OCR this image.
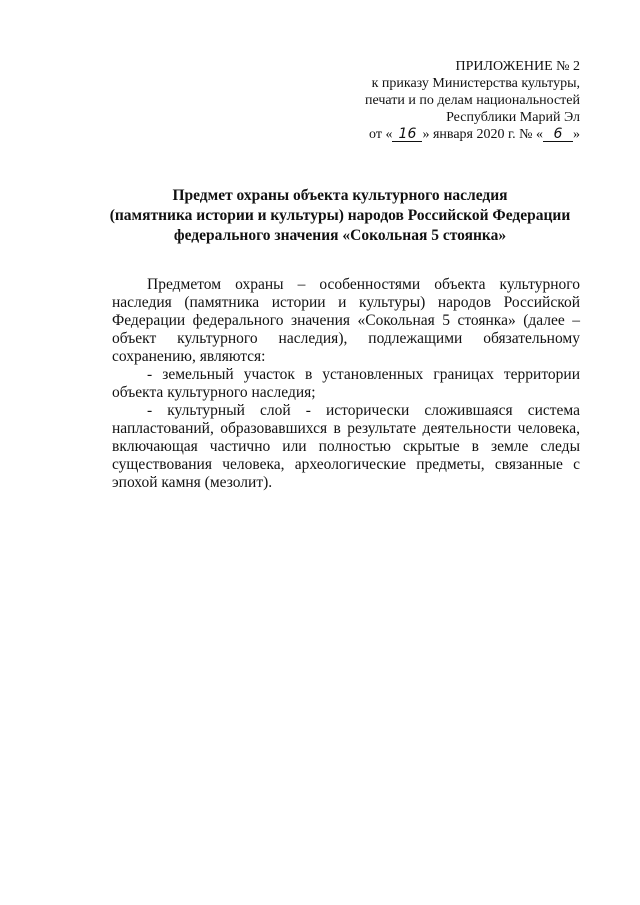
ПРИЛОЖЕНИЕ № 2
к приказу Министерства культуры,
печати и по делам национальностей
Республики Марий Эл
от « 16 » января 2020 г. № « 6 »
Предмет охраны объекта культурного наследия
(памятника истории и культуры) народов Российской Федерации
федерального значения «Сокольная 5 стоянка»

Предметом охраны – особенностями объекта культурного наследия (памятника истории и культуры) народов Российской Федерации федерального значения «Сокольная 5 стоянка» (далее – объект культурного наследия), подлежащими обязательному сохранению, являются:

- земельный участок в установленных границах территории объекта культурного наследия;

- культурный слой - исторически сложившаяся система напластований, образовавшихся в результате деятельности человека, включающая частично или полностью скрытые в земле следы существования человека, археологические предметы, связанные с эпохой камня (мезолит).
